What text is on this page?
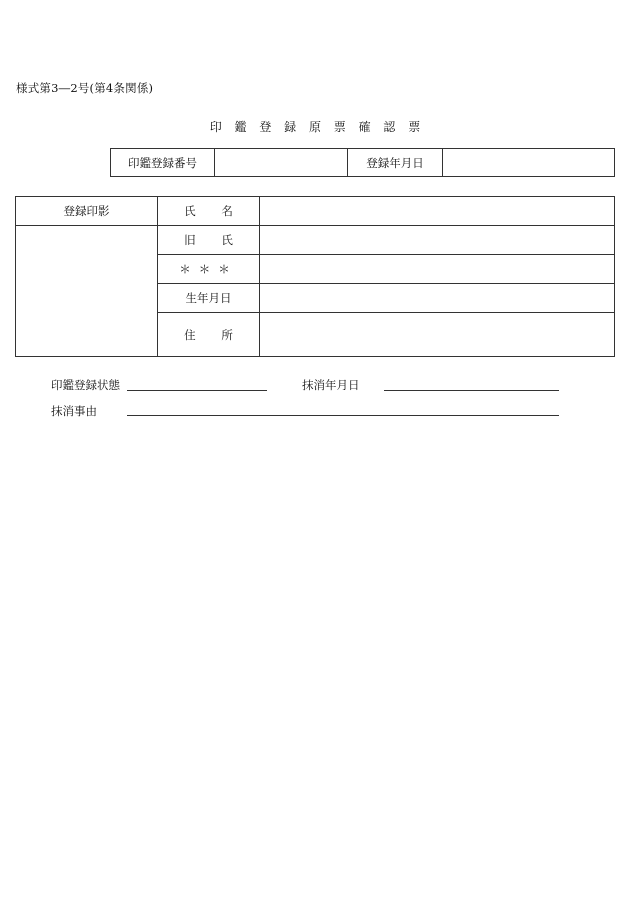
様式第3―2号(第4条関係)
印 鑑 登 録 原 票 確 認 票
印鑑登録番号		登録年月日	
登録印影	氏 名	
	旧 氏	
	＊＊＊	
	生年月日	
	住 所	
印鑑登録状態	抹消年月日
抹消事由
